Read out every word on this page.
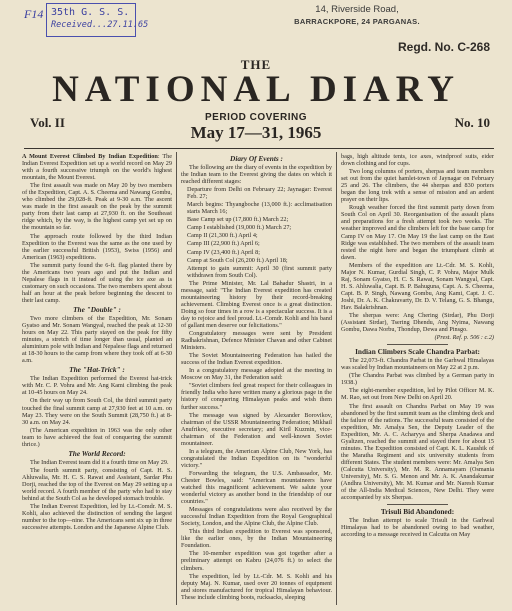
F14 35th G. S. S.
Received...27.11.65
14, Riverside Road,
BARRACKPORE, 24 PARGANAS.
Regd. No. C-268
THE
NATIONAL DIARY
Vol. II	PERIOD COVERING
May 17—31, 1965
No. 10

A Mount Everest Climbed By Indian Expedition: The Indian Everest Expedition set up a world record on May 29 with a fourth successive triumph on the world's highest mountain, the Mount Everest.

The first assault was made on May 20 by two members of the Expedition, Capt. A. S. Cheema and Nawang Gombu, who climbed the 29,028-ft. Peak at 9-30 a.m. The ascent was made in the first assault on the peak by the summit party from their last camp at 27,930 ft. on the Southeast ridge which, by the way, is the highest camp yet set up on the mountain so far.

The approach route followed by the third Indian Expedition to the Everest was the same as the one used by the earlier successful British (1953), Swiss (1956) and American (1963) expeditions.

The summit party found the 6-ft. flag planted there by the Americans two years ago and put the Indian and Nepalese flags in it instead of using the ice axe as is customary on such occasions. The two members spent about half an hour at the peak before beginning the descent to their last camp.

The "Double" :

Two more climbers of the Expedition, Mr. Sonam Gyatso and Mr. Sonam Wangyal, reached the peak at 12-30 hours on May 22. This party stayed on the peak for fifty minutes, a stretch of time longer than usual, planted an aluminium pole with Indian and Nepalese flags and returned at 18-30 hours to the camp from where they took off at 6-30 a.m.

The "Hat-Trick" :

The Indian Expedition performed the Everest hat-trick with Mr. C. P. Vohra and Mr. Ang Kami climbing the peak at 10-45 hours on May 24.

On their way up from South Col, the third summit party touched the final summit camp at 27,930 feet at 10 a.m. on May 23. They were on the South Summit (28,750 ft.) at 8-30 a.m. on May 24.

(The American expedition in 1963 was the only other team to have achieved the feat of conquering the summit thrice.)

The World Record:

The Indian Everest team did it a fourth time on May 29.

The fourth summit party, consisting of Capt. H. S. Ahluwalia, Mr. H. C. S. Rawat and Assistant, Sardar Phu Dorji, reached the top of the Everest on May 29 setting up a world record. A fourth member of the party who had to stay behind at the South Col as he developed stomach trouble.

The Indian Everest Expedition, led by Lt.-Comdr. M. S. Kohli, also achieved the distinction of sending the largest number to the top—nine. The Americans sent six up in three successive attempts. London and the Japanese Alpine Club.

Diary Of Events :

The following are the diary of events in the expedition by the Indian team to the Everest giving the dates on which it reached different stages:

Departure from Delhi on February 22; Jaynagar: Everest Feb. 27;

March begins: Thyangboche (13,000 ft.): acclimatisation starts March 16;

Base Camp set up (17,800 ft.) March 22;

Camp I established (19,000 ft.) March 27;

Camp II (21,300 ft.) April 4;

Camp III (22,900 ft.) April 6;

Camp IV (23,400 ft.) April 8;

Camp at South Col (26,200 ft.) April 18;

Attempt to gain summit: April 30 (first summit party withdrawn from South Col).

The Prime Minister, Mr. Lal Bahadur Shastri, in a message, said: "The Indian Everest expedition has created mountaineering history by their record-breaking achievement. Climbing Everest once is a great distinction. Doing so four times in a row is a spectacular success. It is a day to rejoice and feel proud. Lt.-Comdr. Kohli and his band of gallant men deserve our felicitations."

Congratulatory messages were sent by President Radhakrishnan, Defence Minister Chavan and other Cabinet Ministers.

The Soviet Mountaineering Federation has hailed the success of the Indian Everest expedition.

In a congratulatory message adopted at the meeting in Moscow on May 31, the Federation said:

"Soviet climbers feel great respect for their colleagues in friendly India who have written many a glorious page in the history of conquering Himalayan peaks and wish them further success."

The message was signed by Alexander Borovikov, chairman of the USSR Mountaineering Federation; Mikhail Anufrikov, executive secretary; and Kiril Kuzmin, vice-chairman of the Federation and well-known Soviet mountaineer.

In a telegram, the American Alpine Club, New York, has congratulated the Indian Expedition on its "wonderful victory."

Forwarding the telegram, the U.S. Ambassador, Mr. Chester Bowles, said: "American mountaineers have watched this magnificent achievement. We salute your wonderful victory as another bond in the friendship of our countries."

Messages of congratulations were also received by the successful Indian Expedition from the Royal Geographical Society, London, and the Alpine Club, the Alpine Club.

This third Indian expedition to Everest was sponsored, like the earlier ones, by the Indian Mountaineering Foundation.

The 10-member expedition was got together after a preliminary attempt on Kabru (24,076 ft.) to select the climbers.

The expedition, led by Lt.-Cdr. M. S. Kohli and his deputy Maj. N. Kumar, used over 20 tonnes of equipment and stores manufactured for tropical Himalayan behaviour. These include climbing boots, rucksacks, sleeping

bags, high altitude tents, ice axes, windproof suits, eider down clothing and for cups.

Two long columns of porters, sherpas and team members set out from the quiet hamlet-town of Jaynagar on February 25 and 26. The climbers, the 44 sherpas and 830 porters began the long trek with a sense of mission and an ardent prayer on their lips.

Rough weather forced the first summit party down from South Col on April 30. Reorganisation of the assault plans and preparations for a fresh attempt took two weeks. The weather improved and the climbers left for the base camp for Camp IV on May 17. On May 19 the last camp on the East Ridge was established. The two members of the assault team rested the night here and began the triumphant climb at dawn.

Members of the expedition are Lt.-Cdr. M. S. Kohli, Major N. Kumar, Gurdial Singh, C. P. Vohra, Major Mulk Raj, Sonam Gyatso, H. C. S. Rawat, Sonam Wangyal, Capt. H. S. Ahluwalia, Capt. B. P. Bahuguna, Capt. A. S. Cheema, Capt. B. P. Singh, Nawang Gombu, Ang Kami, Capt. J. C. Joshi, Dr. A. K. Chakravarty, Dr. D. V. Telang, G. S. Bhangu, Hav. Balakrishnan.

The sherpas were: Ang Chering (Sirdar), Phu Dorji (Assistant Sirdar), Tsering Dhendu, Ang Nyima, Nawang Gombu, Dawa Norbu, Thondup, Dewa and Pinsgo.

(Prest. Ref. p. 506 : c.2)

Indian Climbers Scale Chandra Parbat:

The 22,073-ft. Chandra Parbat in the Garhwal Himalayas was scaled by Indian mountaineers on May 22 at 2 p.m.

(The Chandra Parbat was climbed by a German party in 1938.)

The eight-member expedition, led by Pilot Officer M. K. M. Rao, set out from New Delhi on April 20.

The first assault on Chandra Parbat on May 19 was abandoned by the first summit team as the climbing deck and the failure of the rations. The successful team consisted of the expedition, Mr. Amalya Sen, the Deputy Leader of the Expedition, Mr. A. C. Acharyya and Sherpa Anadawa and Gyaltzen, reached the summit and stayed there for about 15 minutes. The Expedition consisted of Capt. K. L. Kaushik of the Maratha Regiment and six university students from different States. The student members were: Mr. Amalya Sen (Calcutta University), Mr. M. R. Annamayam (Osmania University), Mr. S. G. Menon and Mr. A. K. Anandakumar (Andhra University), Mr. M. Kumar and Mr. Naresh Kumar of the All-India Medical Sciences, New Delhi. They were accompanied by six Sherpas.

Trisuli Bid Abandoned:

The Indian attempt to scale Trisuli in the Garhwal Himalayas had to be abandoned owing to bad weather, according to a message received in Calcutta on May
